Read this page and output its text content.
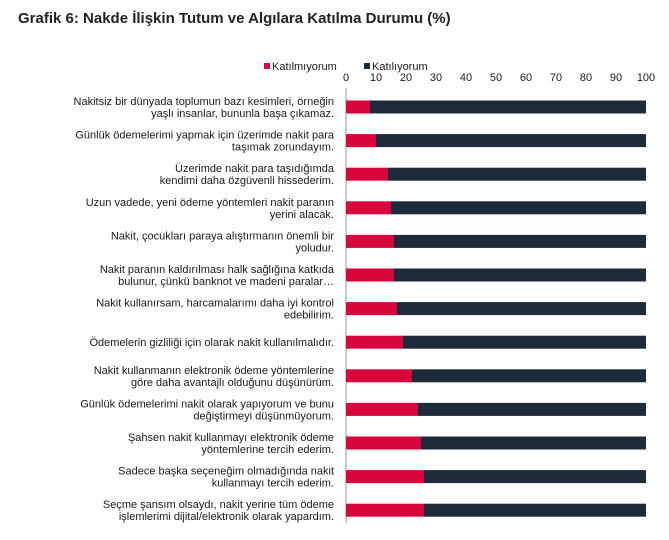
Grafik 6: Nakde İlişkin Tutum ve Algılara Katılma Durumu (%)
Katılmıyorum	Katılıyorum
0 10 20 30 40 50 60 70 80 90 100
Nakitsiz bir dünyada toplumun bazı kesimleri, örneğin
yaşlı insanlar, bununla başa çıkamaz.
Günlük ödemelerimi yapmak için üzerimde nakit para
taşımak zorundayım.
Üzerimde nakit para taşıdığımda
kendimi daha özgüvenli hissederim.
Uzun vadede, yeni ödeme yöntemleri nakit paranın
yerini alacak.
Nakit, çocukları paraya alıştırmanın önemli bir
yoludur.
Nakit paranın kaldırılması halk sağlığına katkıda
bulunur, çünkü banknot ve madeni paralar…
Nakit kullanırsam, harcamalarımı daha iyi kontrol
edebilirim.
Ödemelerin gizliliği için olarak nakit kullanılmalıdır.
Nakit kullanmanın elektronik ödeme yöntemlerine
göre daha avantajlı olduğunu düşünürüm.
Günlük ödemelerimi nakit olarak yapıyorum ve bunu
değiştirmeyi düşünmüyorum.
Şahsen nakit kullanmayı elektronik ödeme
yöntemlerine tercih ederim.
Sadece başka seçeneğim olmadığında nakit
kullanmayı tercih ederim.
Seçme şansım olsaydı, nakit yerine tüm ödeme
işlemlerimi dijital/elektronik olarak yapardım.
